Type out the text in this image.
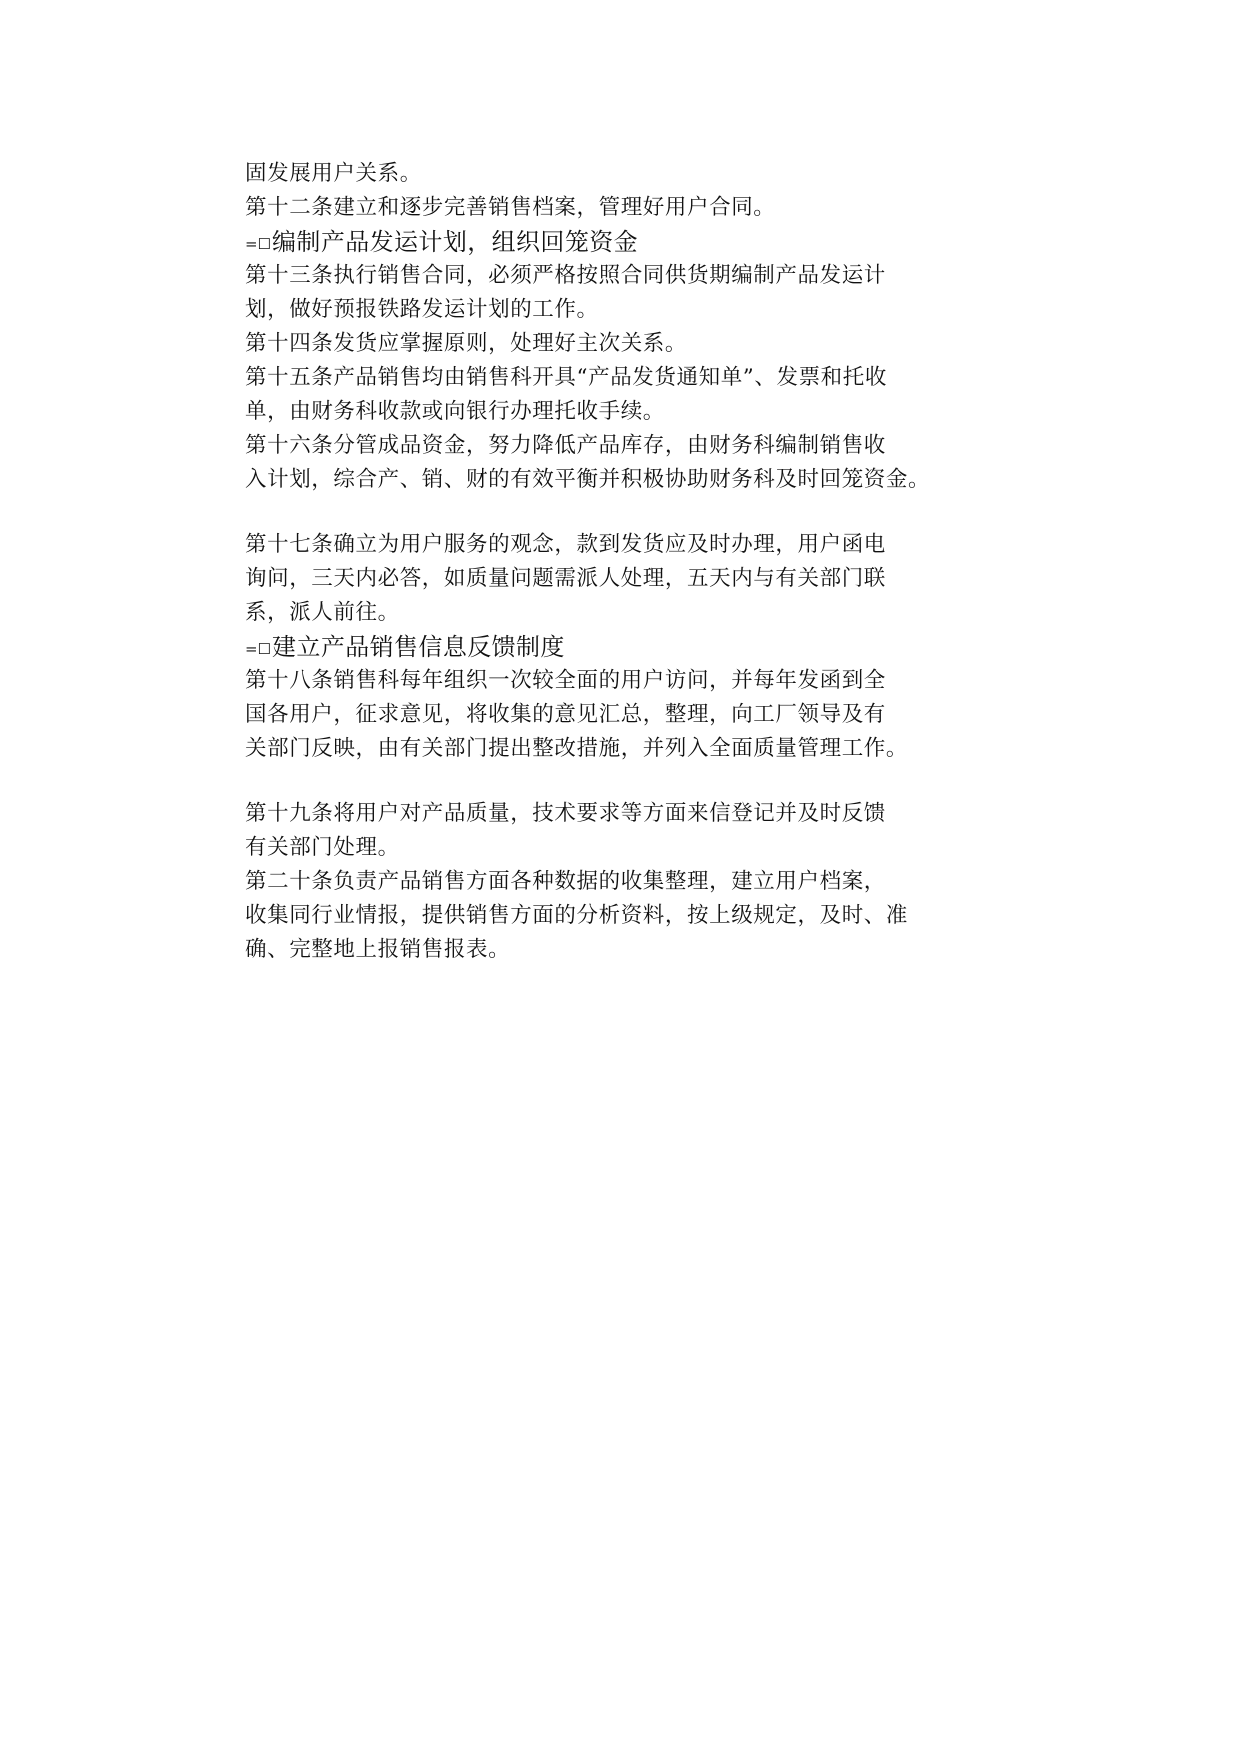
固发展用户关系。
第十二条建立和逐步完善销售档案，管理好用户合同。
=☐编制产品发运计划，组织回笼资金
第十三条执行销售合同，必须严格按照合同供货期编制产品发运计
划，做好预报铁路发运计划的工作。
第十四条发货应掌握原则，处理好主次关系。
第十五条产品销售均由销售科开具“产品发货通知单”、发票和托收
单，由财务科收款或向银行办理托收手续。
第十六条分管成品资金，努力降低产品库存，由财务科编制销售收
入计划，综合产、销、财的有效平衡并积极协助财务科及时回笼资金。
第十七条确立为用户服务的观念，款到发货应及时办理，用户函电
询问，三天内必答，如质量问题需派人处理，五天内与有关部门联
系，派人前往。
=☐建立产品销售信息反馈制度
第十八条销售科每年组织一次较全面的用户访问，并每年发函到全
国各用户，征求意见，将收集的意见汇总，整理，向工厂领导及有
关部门反映，由有关部门提出整改措施，并列入全面质量管理工作。
第十九条将用户对产品质量，技术要求等方面来信登记并及时反馈
有关部门处理。
第二十条负责产品销售方面各种数据的收集整理，建立用户档案，
收集同行业情报，提供销售方面的分析资料，按上级规定，及时、准
确、完整地上报销售报表。
